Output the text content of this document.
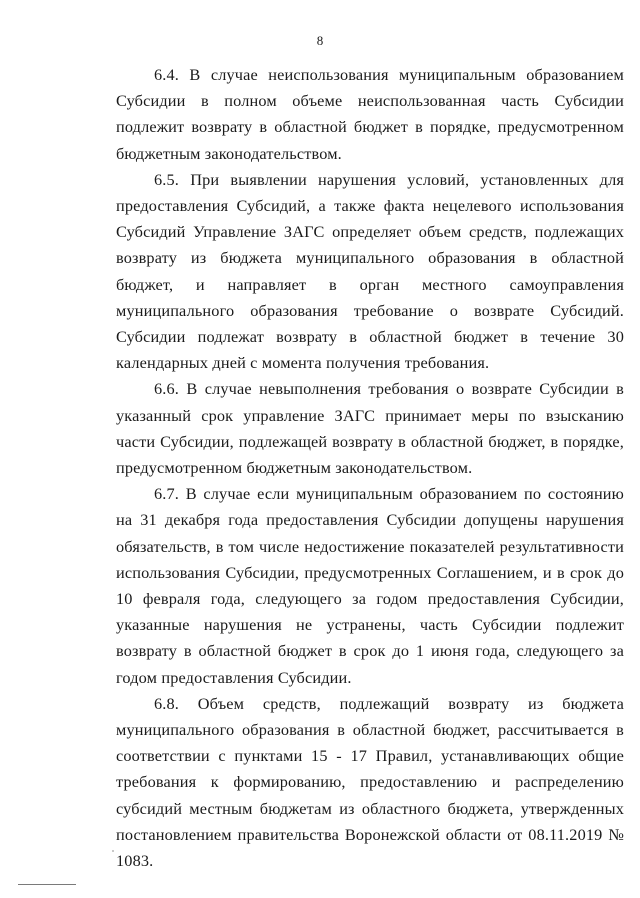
8

6.4. В случае неиспользования муниципальным образованием Субсидии в полном объеме неиспользованная часть Субсидии подлежит возврату в областной бюджет в порядке, предусмотренном бюджетным законодательством.

6.5. При выявлении нарушения условий, установленных для предоставления Субсидий, а также факта нецелевого использования Субсидий Управление ЗАГС определяет объем средств, подлежащих возврату из бюджета муниципального образования в областной бюджет, и направляет в орган местного самоуправления муниципального образования требование о возврате Субсидий. Субсидии подлежат возврату в областной бюджет в течение 30 календарных дней с момента получения требования.

6.6. В случае невыполнения требования о возврате Субсидии в указанный срок управление ЗАГС принимает меры по взысканию части Субсидии, подлежащей возврату в областной бюджет, в порядке, предусмотренном бюджетным законодательством.

6.7. В случае если муниципальным образованием по состоянию на 31 декабря года предоставления Субсидии допущены нарушения обязательств, в том числе недостижение показателей результативности использования Субсидии, предусмотренных Соглашением, и в срок до 10 февраля года, следующего за годом предоставления Субсидии, указанные нарушения не устранены, часть Субсидии подлежит возврату в областной бюджет в срок до 1 июня года, следующего за годом предоставления Субсидии.

6.8. Объем средств, подлежащий возврату из бюджета муниципального образования в областной бюджет, рассчитывается в соответствии с пунктами 15 - 17 Правил, устанавливающих общие требования к формированию, предоставлению и распределению субсидий местным бюджетам из областного бюджета, утвержденных постановлением правительства Воронежской области от 08.11.2019 № 1083.
